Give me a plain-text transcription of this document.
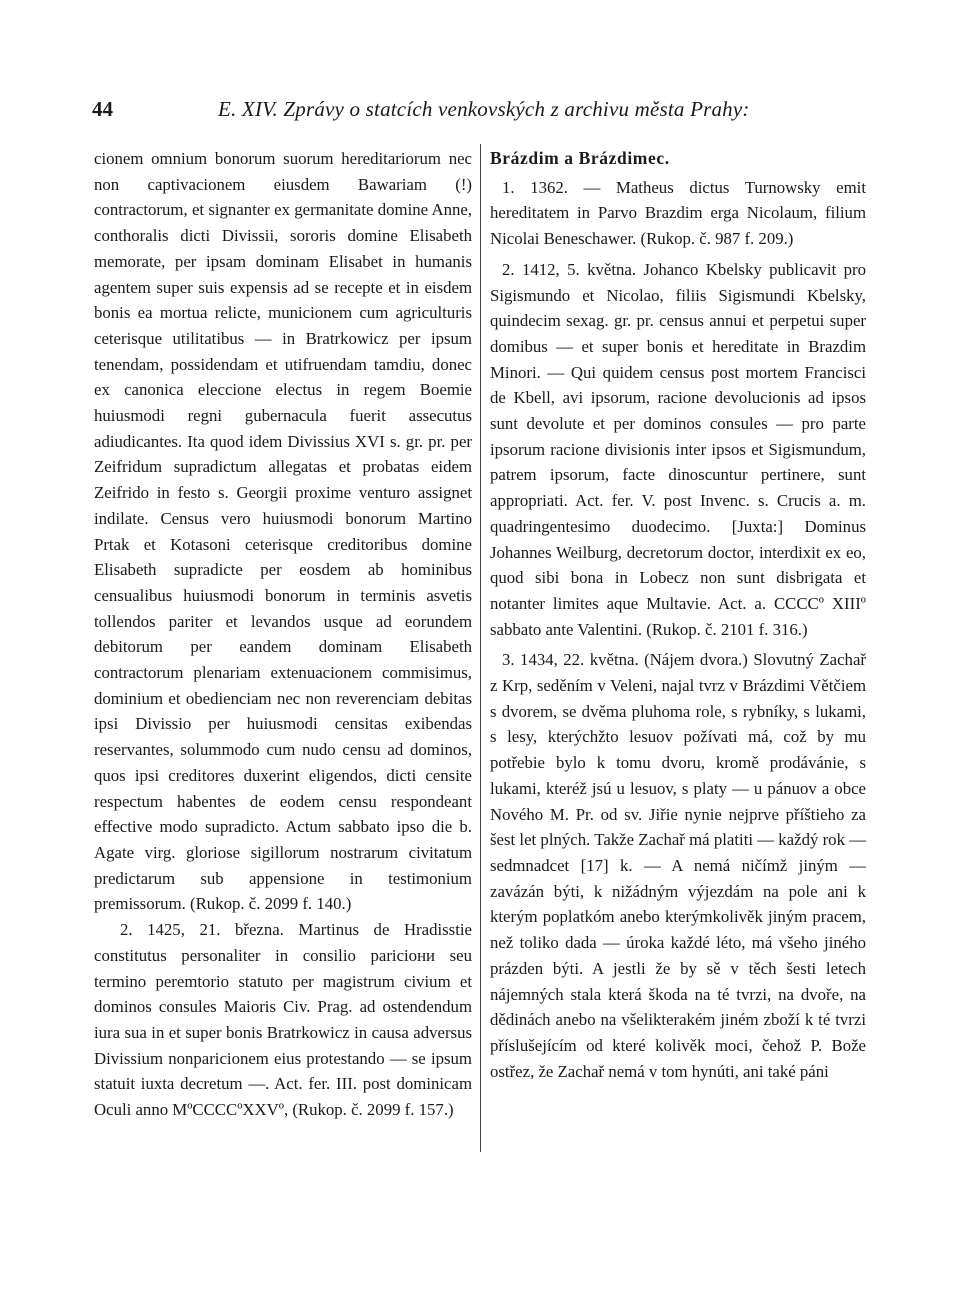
44	E. XIV. Zprávy o statcích venkovských z archivu města Prahy:

cionem omnium bonorum suorum hereditariorum nec non captivacionem eiusdem Bawariam (!) contractorum, et signanter ex germanitate domine Anne, conthoralis dicti Divissii, sororis domine Elisabeth memorate, per ipsam dominam Elisabet in humanis agentem super suis expensis ad se recepte et in eisdem bonis ea mortua relicte, municionem cum agriculturis ceterisque utilitatibus — in Bratrkowicz per ipsum tenendam, possidendam et utifruendam tamdiu, donec ex canonica eleccione electus in regem Boemie huiusmodi regni gubernacula fuerit assecutus adiudicantes. Ita quod idem Divissius XVI s. gr. pr. per Zeifridum supradictum allegatas et probatas eidem Zeifrido in festo s. Georgii proxime venturo assignet indilate. Census vero huiusmodi bonorum Martino Prtak et Kotasoni ceterisque creditoribus domine Elisabeth supradicte per eosdem ab hominibus censualibus huiusmodi bonorum in terminis asvetis tollendos pariter et levandos usque ad eorundem debitorum per eandem dominam Elisabeth contractorum plenariam extenuacionem commisimus, dominium et obedienciam nec non reverenciam debitas ipsi Divissio per huiusmodi censitas exibendas reservantes, solummodo cum nudo censu ad dominos, quos ipsi creditores duxerint eligendos, dicti censite respectum habentes de eodem censu respondeant effective modo supradicto. Actum sabbato ipso die b. Agate virg. gloriose sigillorum nostrarum civitatum predictarum sub appensione in testimonium premissorum. (Rukop. č. 2099 f. 140.)

2. 1425, 21. března. Martinus de Hradisstie constitutus personaliter in consilio pariciони seu termino peremtorio statuto per magistrum civium et dominos consules Maioris Civ. Prag. ad ostendendum iura sua in et super bonis Bratrkowicz in causa adversus Divissium nonparicionem eius protestando — se ipsum statuit iuxta decretum —. Act. fer. III. post dominicam Oculi anno MºCCCCºXXVº, (Rukop. č. 2099 f. 157.)

Brázdim a Brázdimec.

1. 1362. — Matheus dictus Turnowsky emit hereditatem in Parvo Brazdim erga Nicolaum, filium Nicolai Beneschawer. (Rukop. č. 987 f. 209.)

2. 1412, 5. května. Johanco Kbelsky publicavit pro Sigismundo et Nicolao, filiis Sigismundi Kbelsky, quindecim sexag. gr. pr. census annui et perpetui super domibus — et super bonis et hereditate in Brazdim Minori. — Qui quidem census post mortem Francisci de Kbell, avi ipsorum, racione devolucionis ad ipsos sunt devolute et per dominos consules — pro parte ipsorum racione divisionis inter ipsos et Sigismundum, patrem ipsorum, facte dinoscuntur pertinere, sunt appropriati. Act. fer. V. post Invenc. s. Crucis a. m. quadringentesimo duodecimo. [Juxta:] Dominus Johannes Weilburg, decretorum doctor, interdixit ex eo, quod sibi bona in Lobecz non sunt disbrigata et notanter limites aque Multavie. Act. a. CCCCº XIIIº sabbato ante Valentini. (Rukop. č. 2101 f. 316.)

3. 1434, 22. května. (Nájem dvora.) Slovutný Zachař z Krp, seděním v Veleni, najal tvrz v Brázdimi Větčiem s dvorem, se dvěma pluhoma role, s rybníky, s lukami, s lesy, kterýchžto lesuov požívati má, což by mu potřebie bylo k tomu dvoru, kromě prodávánie, s lukami, kteréž jsú u lesuov, s platy — u pánuov a obce Nového M. Pr. od sv. Jiřie nynie nejprve příštieho za šest let plných. Takže Zachař má platiti — každý rok — sedmnadcet [17] k. — A nemá ničímž jiným — zavázán býti, k nižádným výjezdám na pole ani k kterým poplatkóm anebo kterýmkolivěk jiným pracem, než toliko dada — úroka každé léto, má všeho jiného prázden býti. A jestli že by sě v těch šesti letech nájemných stala která škoda na té tvrzi, na dvoře, na dědinách anebo na všelikterakém jiném zboží k té tvrzi příslušejícím od které kolivěk moci, čehož P. Bože ostřez, že Zachař nemá v tom hynúti, ani také páni
